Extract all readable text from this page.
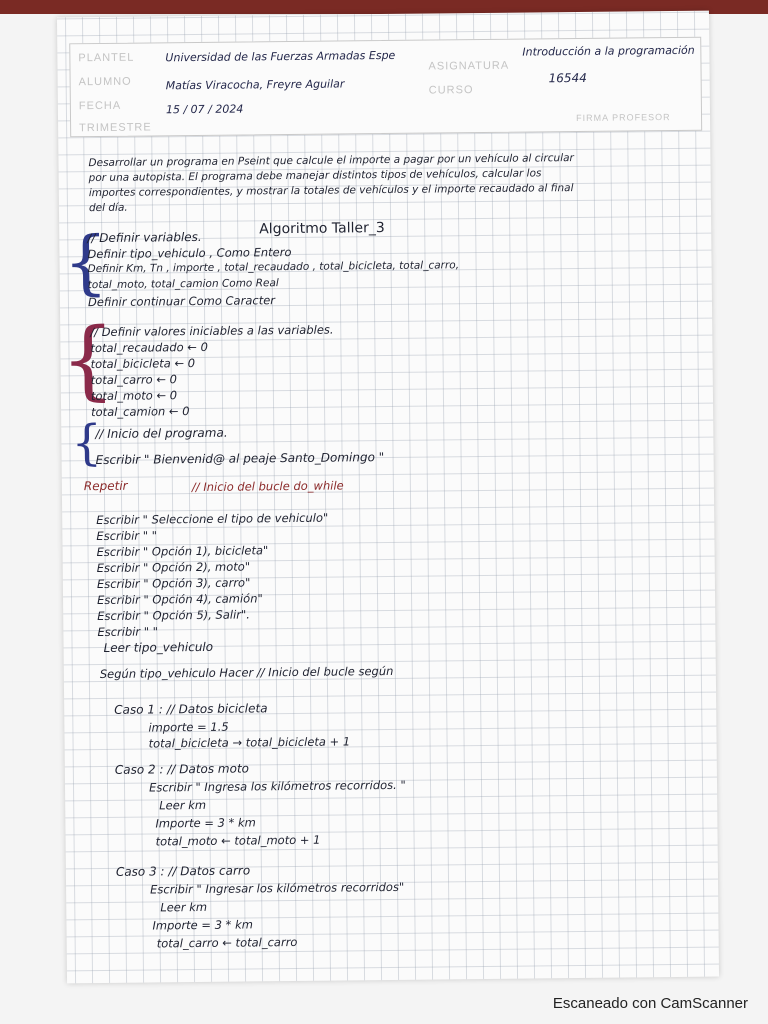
PLANTEL
ALUMNO
FECHA
TRIMESTRE
ASIGNATURA
CURSO
FIRMA PROFESOR
Universidad de las Fuerzas Armadas Espe
Matías Viracocha, Freyre Aguilar
15 / 07 / 2024
Introducción a la programación
16544
Desarrollar un programa en Pseint que calcule el importe a pagar por un vehículo al circular
por una autopista. El programa debe manejar distintos tipos de vehículos, calcular los
importes correspondientes, y mostrar la totales de vehículos y el importe recaudado al final
del día.
Algoritmo Taller_3
{
// Definir variables.
Definir tipo_vehiculo , Como Entero
Definir Km, Tn , importe , total_recaudado , total_bicicleta, total_carro,
total_moto, total_camion Como Real
Definir continuar Como Caracter
{
// Definir valores iniciables a las variables.
total_recaudado ← 0
total_bicicleta ← 0
total_carro ← 0
total_moto ← 0
total_camion ← 0
{
// Inicio del programa.
Escribir " Bienvenid@ al peaje Santo_Domingo "
Repetir	// Inicio del bucle do_while
Escribir " Seleccione el tipo de vehiculo"
Escribir " "
Escribir " Opción 1), bicicleta"
Escribir " Opción 2), moto"
Escribir " Opción 3), carro"
Escribir " Opción 4), camión"
Escribir " Opción 5), Salir".
Escribir " "
Leer tipo_vehiculo
Según tipo_vehiculo Hacer // Inicio del bucle según
Caso 1 : // Datos bicicleta
importe = 1.5
total_bicicleta → total_bicicleta + 1
Caso 2 : // Datos moto
Escribir " Ingresa los kilómetros recorridos. "
Leer km
Importe = 3 * km
total_moto ← total_moto + 1
Caso 3 : // Datos carro
Escribir " Ingresar los kilómetros recorridos"
Leer km
Importe = 3 * km
total_carro ← total_carro
Escaneado con CamScanner
